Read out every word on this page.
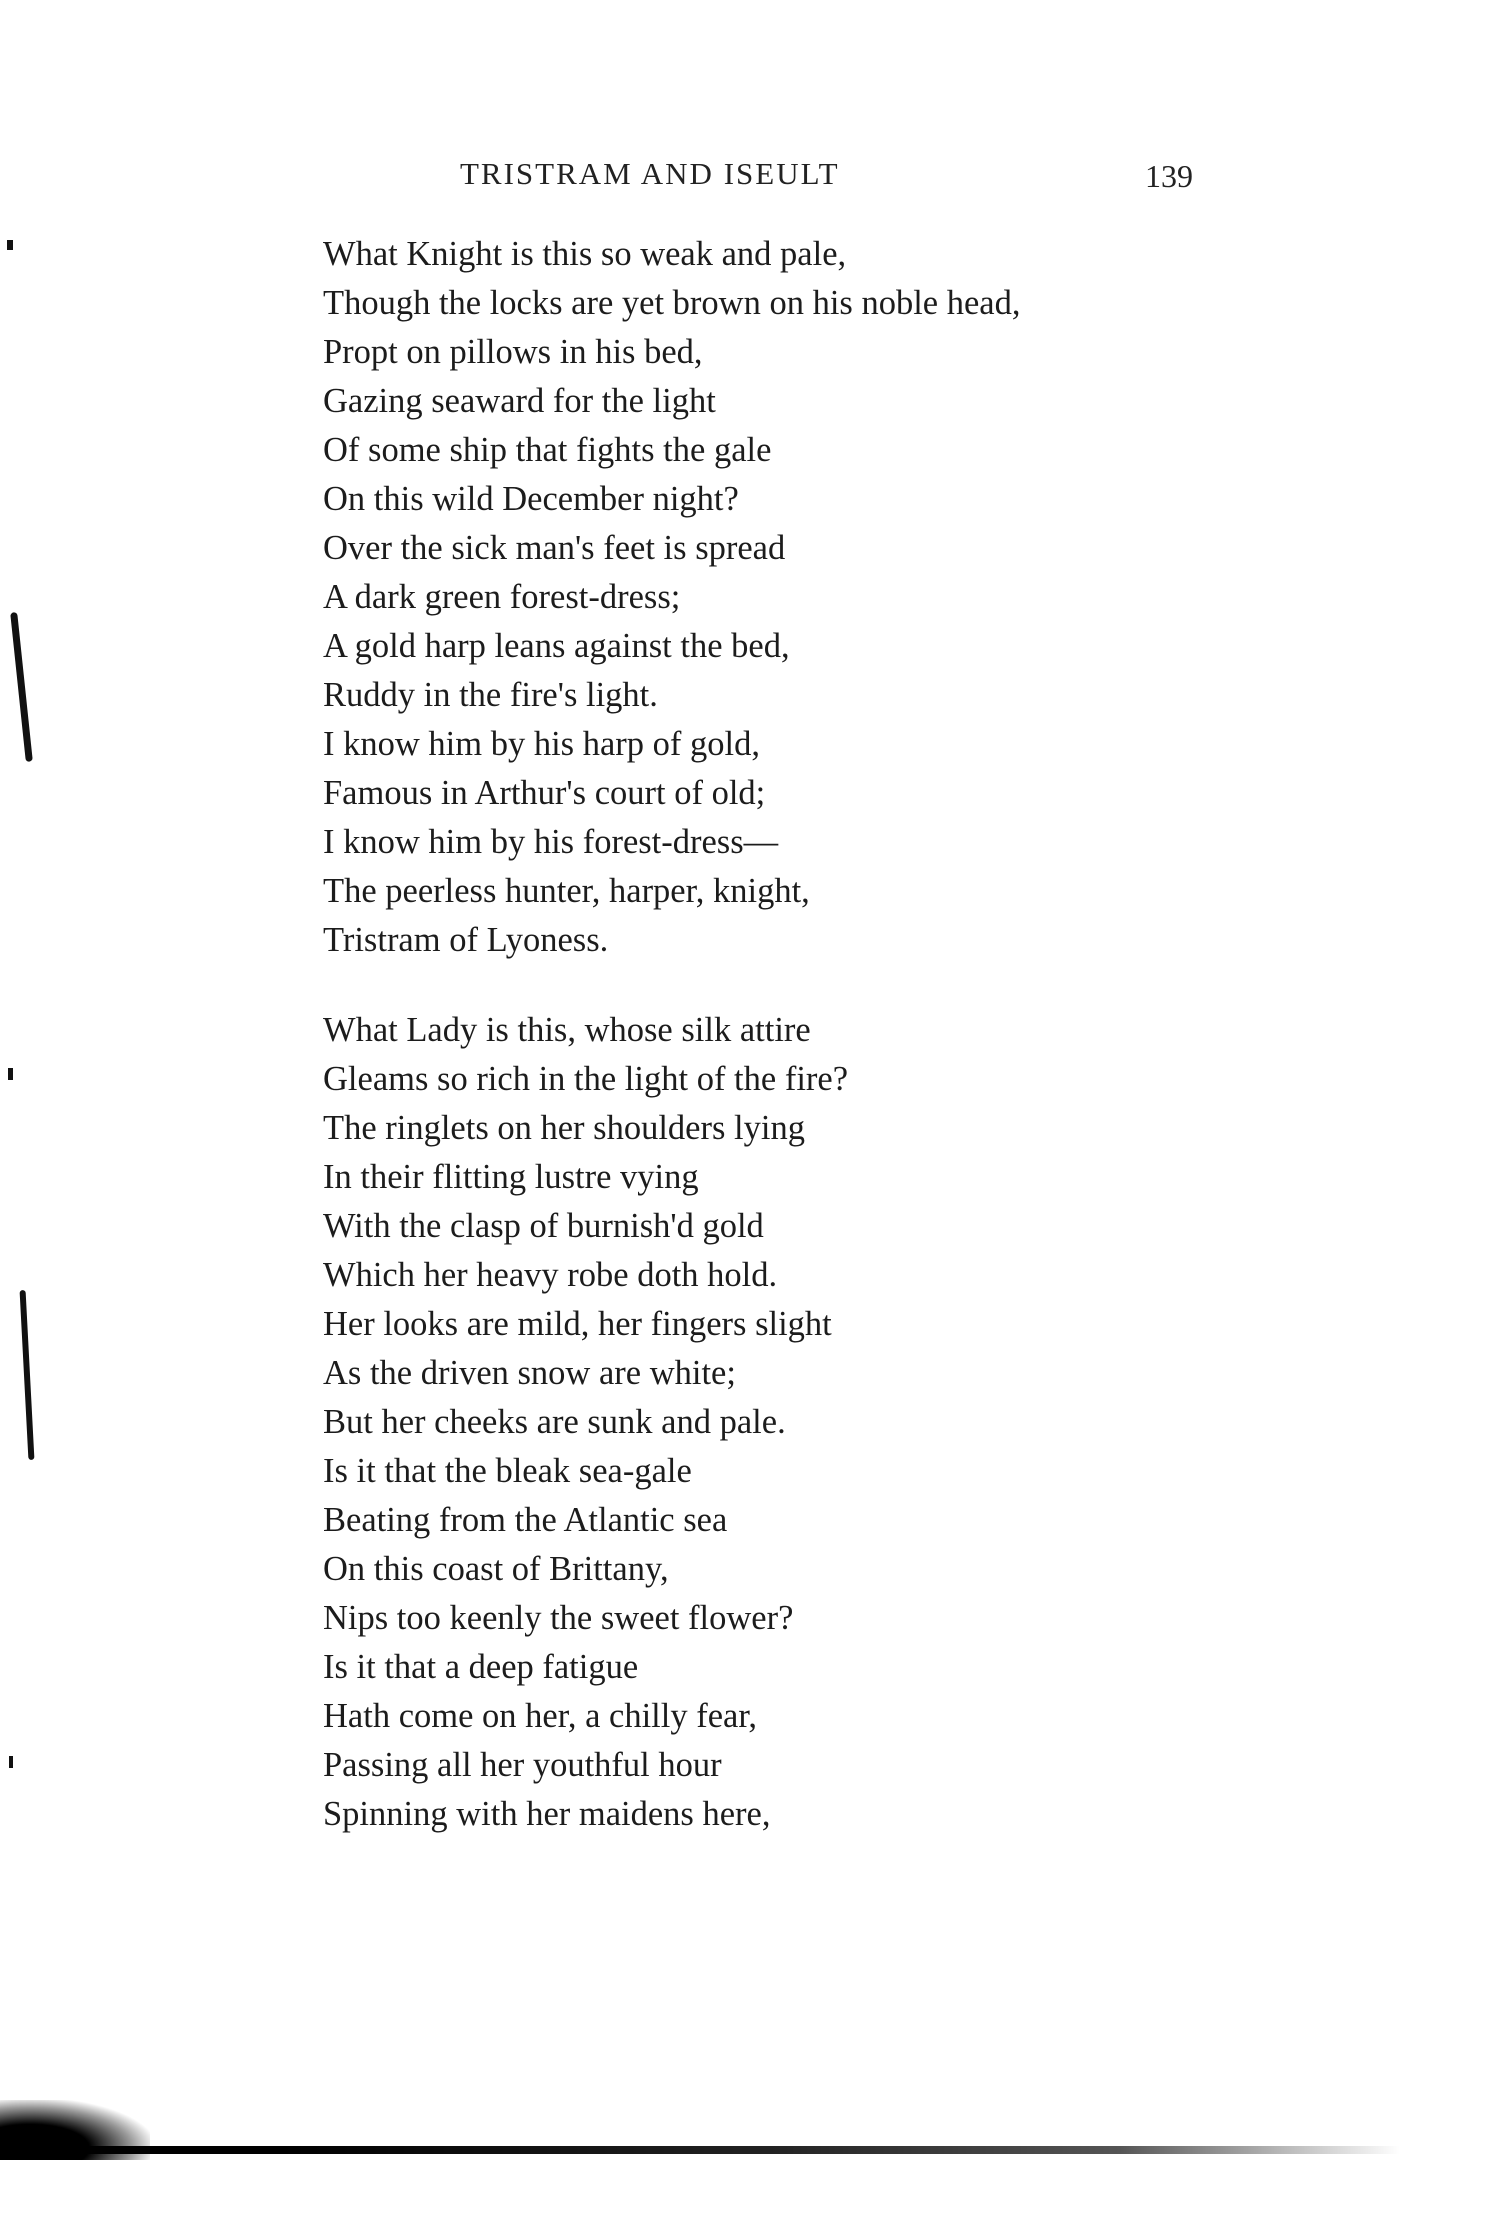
TRISTRAM AND ISEULT	139
What Knight is this so weak and pale,
Though the locks are yet brown on his noble head,
Propt on pillows in his bed,
Gazing seaward for the light
Of some ship that fights the gale
On this wild December night?
Over the sick man's feet is spread
A dark green forest-dress;
A gold harp leans against the bed,
Ruddy in the fire's light.
I know him by his harp of gold,
Famous in Arthur's court of old;
I know him by his forest-dress—
The peerless hunter, harper, knight,
Tristram of Lyoness.
What Lady is this, whose silk attire
Gleams so rich in the light of the fire?
The ringlets on her shoulders lying
In their flitting lustre vying
With the clasp of burnish'd gold
Which her heavy robe doth hold.
Her looks are mild, her fingers slight
As the driven snow are white;
But her cheeks are sunk and pale.
Is it that the bleak sea-gale
Beating from the Atlantic sea
On this coast of Brittany,
Nips too keenly the sweet flower?
Is it that a deep fatigue
Hath come on her, a chilly fear,
Passing all her youthful hour
Spinning with her maidens here,
